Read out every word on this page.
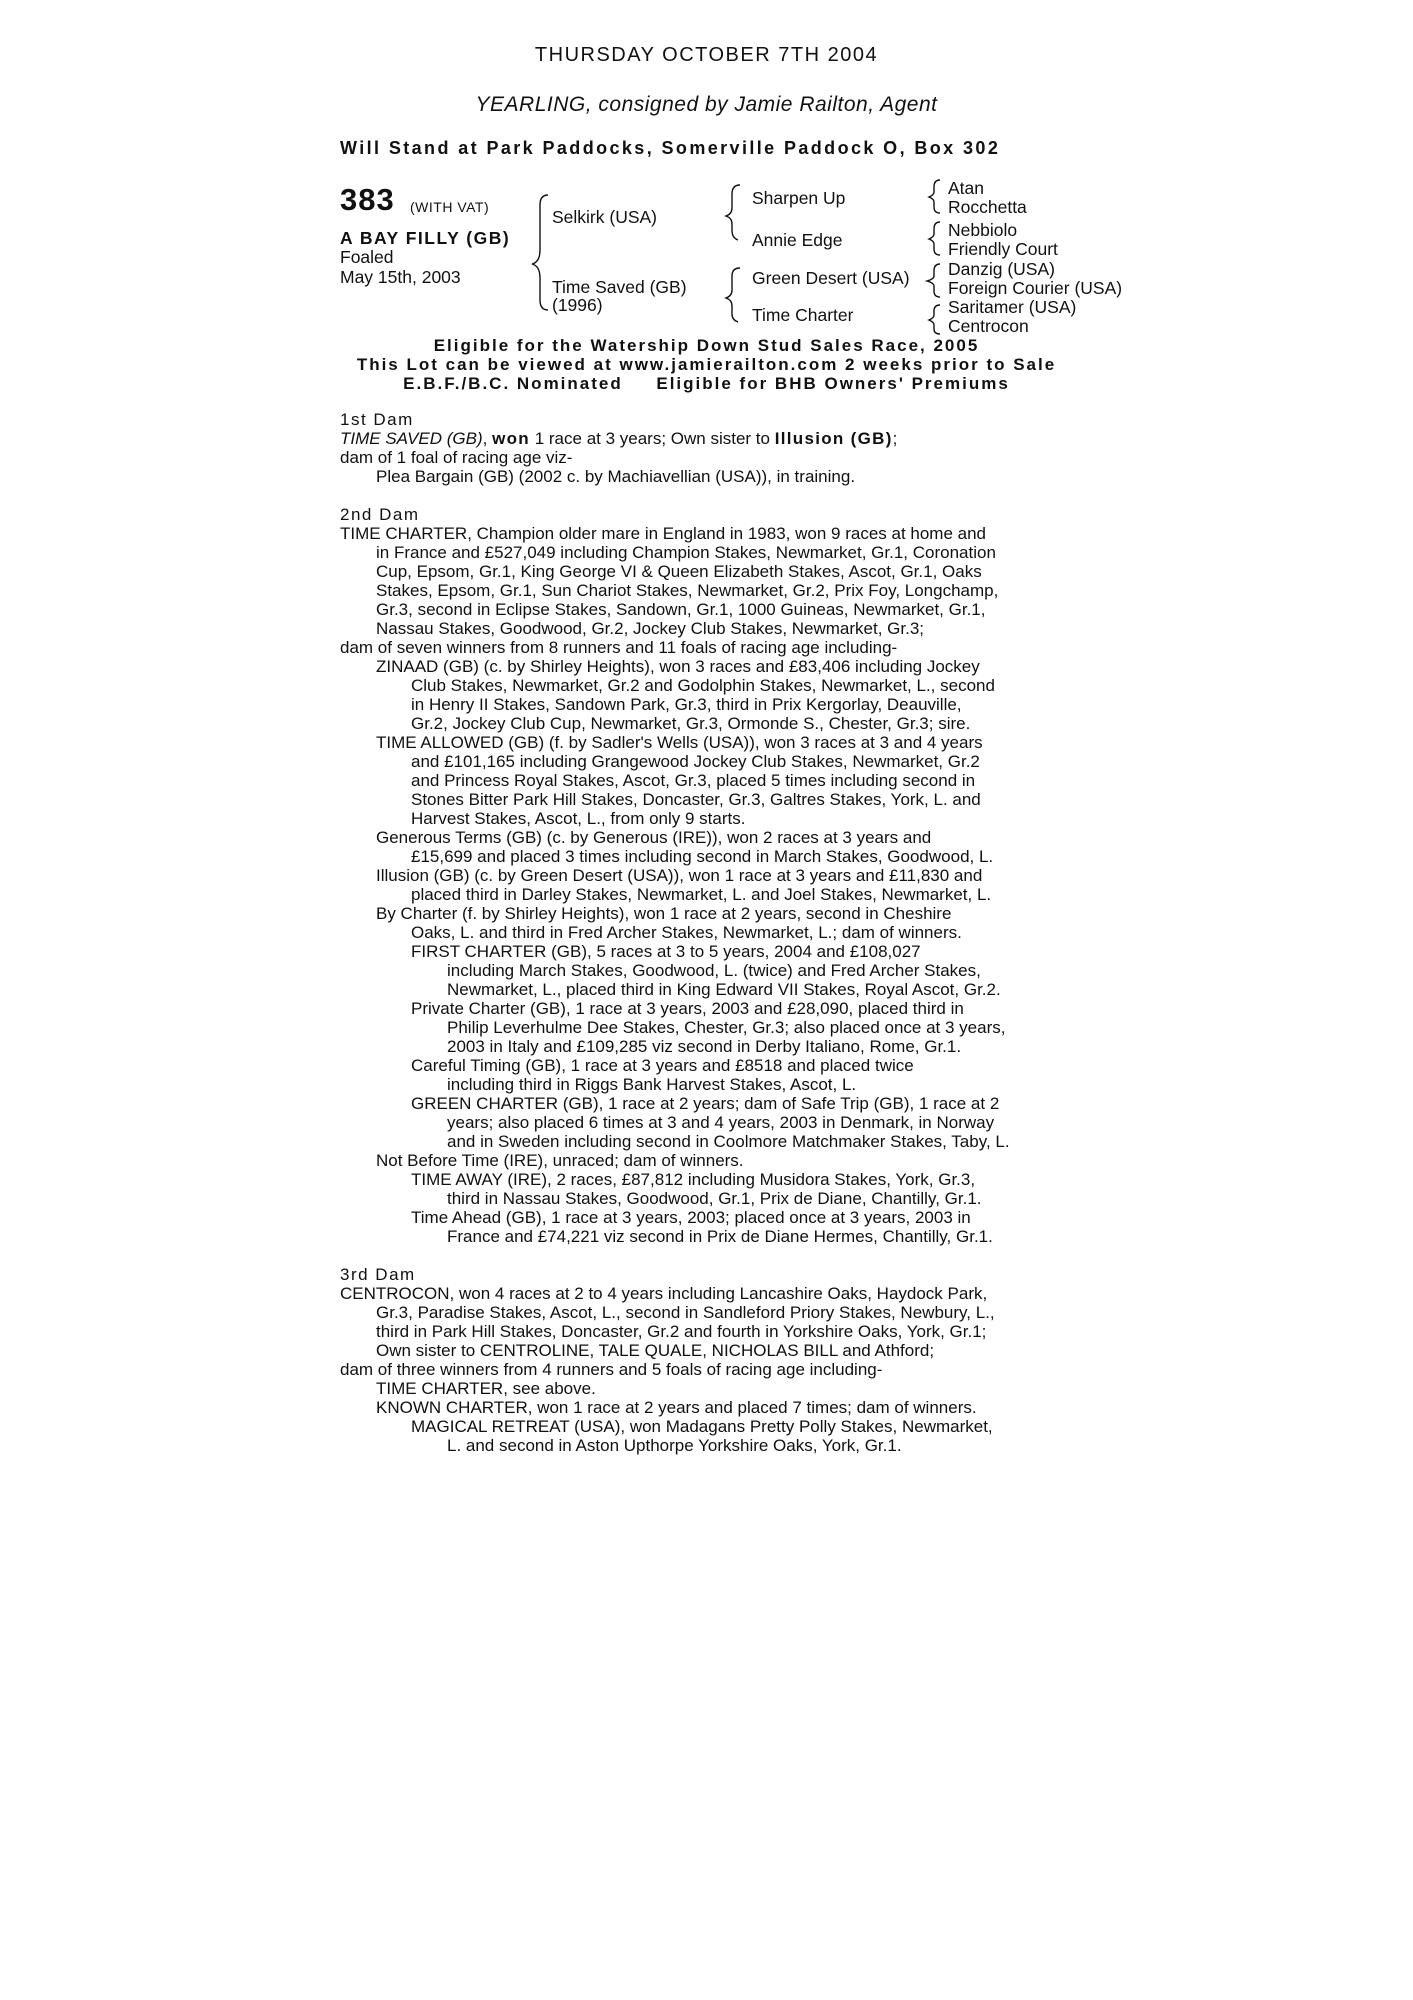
THURSDAY OCTOBER 7TH 2004
YEARLING, consigned by Jamie Railton, Agent
Will Stand at Park Paddocks, Somerville Paddock O, Box 302
383 (WITH VAT)
A BAY FILLY (GB)
Foaled
May 15th, 2003
Selkirk (USA)
Time Saved (GB)
(1996)
Sharpen Up
Annie Edge
Green Desert (USA)
Time Charter
Atan
Rocchetta
Nebbiolo
Friendly Court
Danzig (USA)
Foreign Courier (USA)
Saritamer (USA)
Centrocon
Eligible for the Watership Down Stud Sales Race, 2005
This Lot can be viewed at www.jamierailton.com 2 weeks prior to Sale
E.B.F./B.C. Nominated     Eligible for BHB Owners' Premiums
1st Dam
TIME SAVED (GB), won 1 race at 3 years; Own sister to Illusion (GB);
dam of 1 foal of racing age viz-
Plea Bargain (GB) (2002 c. by Machiavellian (USA)), in training.
2nd Dam
TIME CHARTER, Champion older mare in England in 1983, won 9 races at home and
in France and £527,049 including Champion Stakes, Newmarket, Gr.1, Coronation
Cup, Epsom, Gr.1, King George VI & Queen Elizabeth Stakes, Ascot, Gr.1, Oaks
Stakes, Epsom, Gr.1, Sun Chariot Stakes, Newmarket, Gr.2, Prix Foy, Longchamp,
Gr.3, second in Eclipse Stakes, Sandown, Gr.1, 1000 Guineas, Newmarket, Gr.1,
Nassau Stakes, Goodwood, Gr.2, Jockey Club Stakes, Newmarket, Gr.3;
dam of seven winners from 8 runners and 11 foals of racing age including-
ZINAAD (GB) (c. by Shirley Heights), won 3 races and £83,406 including Jockey
Club Stakes, Newmarket, Gr.2 and Godolphin Stakes, Newmarket, L., second
in Henry II Stakes, Sandown Park, Gr.3, third in Prix Kergorlay, Deauville,
Gr.2, Jockey Club Cup, Newmarket, Gr.3, Ormonde S., Chester, Gr.3; sire.
TIME ALLOWED (GB) (f. by Sadler's Wells (USA)), won 3 races at 3 and 4 years
and £101,165 including Grangewood Jockey Club Stakes, Newmarket, Gr.2
and Princess Royal Stakes, Ascot, Gr.3, placed 5 times including second in
Stones Bitter Park Hill Stakes, Doncaster, Gr.3, Galtres Stakes, York, L. and
Harvest Stakes, Ascot, L., from only 9 starts.
Generous Terms (GB) (c. by Generous (IRE)), won 2 races at 3 years and
£15,699 and placed 3 times including second in March Stakes, Goodwood, L.
Illusion (GB) (c. by Green Desert (USA)), won 1 race at 3 years and £11,830 and
placed third in Darley Stakes, Newmarket, L. and Joel Stakes, Newmarket, L.
By Charter (f. by Shirley Heights), won 1 race at 2 years, second in Cheshire
Oaks, L. and third in Fred Archer Stakes, Newmarket, L.; dam of winners.
FIRST CHARTER (GB), 5 races at 3 to 5 years, 2004 and £108,027
including March Stakes, Goodwood, L. (twice) and Fred Archer Stakes,
Newmarket, L., placed third in King Edward VII Stakes, Royal Ascot, Gr.2.
Private Charter (GB), 1 race at 3 years, 2003 and £28,090, placed third in
Philip Leverhulme Dee Stakes, Chester, Gr.3; also placed once at 3 years,
2003 in Italy and £109,285 viz second in Derby Italiano, Rome, Gr.1.
Careful Timing (GB), 1 race at 3 years and £8518 and placed twice
including third in Riggs Bank Harvest Stakes, Ascot, L.
GREEN CHARTER (GB), 1 race at 2 years; dam of Safe Trip (GB), 1 race at 2
years; also placed 6 times at 3 and 4 years, 2003 in Denmark, in Norway
and in Sweden including second in Coolmore Matchmaker Stakes, Taby, L.
Not Before Time (IRE), unraced; dam of winners.
TIME AWAY (IRE), 2 races, £87,812 including Musidora Stakes, York, Gr.3,
third in Nassau Stakes, Goodwood, Gr.1, Prix de Diane, Chantilly, Gr.1.
Time Ahead (GB), 1 race at 3 years, 2003; placed once at 3 years, 2003 in
France and £74,221 viz second in Prix de Diane Hermes, Chantilly, Gr.1.
3rd Dam
CENTROCON, won 4 races at 2 to 4 years including Lancashire Oaks, Haydock Park,
Gr.3, Paradise Stakes, Ascot, L., second in Sandleford Priory Stakes, Newbury, L.,
third in Park Hill Stakes, Doncaster, Gr.2 and fourth in Yorkshire Oaks, York, Gr.1;
Own sister to CENTROLINE, TALE QUALE, NICHOLAS BILL and Athford;
dam of three winners from 4 runners and 5 foals of racing age including-
TIME CHARTER, see above.
KNOWN CHARTER, won 1 race at 2 years and placed 7 times; dam of winners.
MAGICAL RETREAT (USA), won Madagans Pretty Polly Stakes, Newmarket,
L. and second in Aston Upthorpe Yorkshire Oaks, York, Gr.1.
